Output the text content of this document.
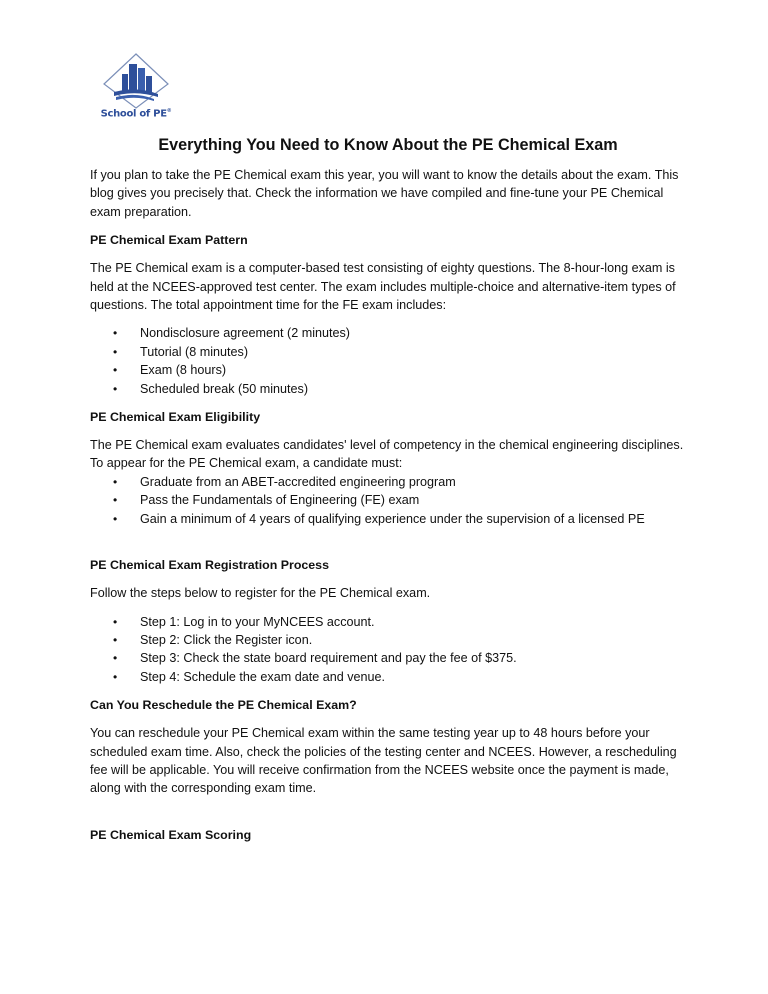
School of PE®
Everything You Need to Know About the PE Chemical Exam

If you plan to take the PE Chemical exam this year, you will want to know the details about the exam. This blog gives you precisely that. Check the information we have compiled and fine-tune your PE Chemical exam preparation.

PE Chemical Exam Pattern

The PE Chemical exam is a computer-based test consisting of eighty questions. The 8-hour-long exam is held at the NCEES-approved test center. The exam includes multiple-choice and alternative-item types of questions. The total appointment time for the FE exam includes:

• Nondisclosure agreement (2 minutes)
• Tutorial (8 minutes)
• Exam (8 hours)
• Scheduled break (50 minutes)
PE Chemical Exam Eligibility

The PE Chemical exam evaluates candidates' level of competency in the chemical engineering disciplines. To appear for the PE Chemical exam, a candidate must:

• Graduate from an ABET-accredited engineering program
• Pass the Fundamentals of Engineering (FE) exam
• Gain a minimum of 4 years of qualifying experience under the supervision of a licensed PE
PE Chemical Exam Registration Process

Follow the steps below to register for the PE Chemical exam.

• Step 1: Log in to your MyNCEES account.
• Step 2: Click the Register icon.
• Step 3: Check the state board requirement and pay the fee of $375.
• Step 4: Schedule the exam date and venue.
Can You Reschedule the PE Chemical Exam?

You can reschedule your PE Chemical exam within the same testing year up to 48 hours before your scheduled exam time. Also, check the policies of the testing center and NCEES. However, a rescheduling fee will be applicable. You will receive confirmation from the NCEES website once the payment is made, along with the corresponding exam time.

PE Chemical Exam Scoring
